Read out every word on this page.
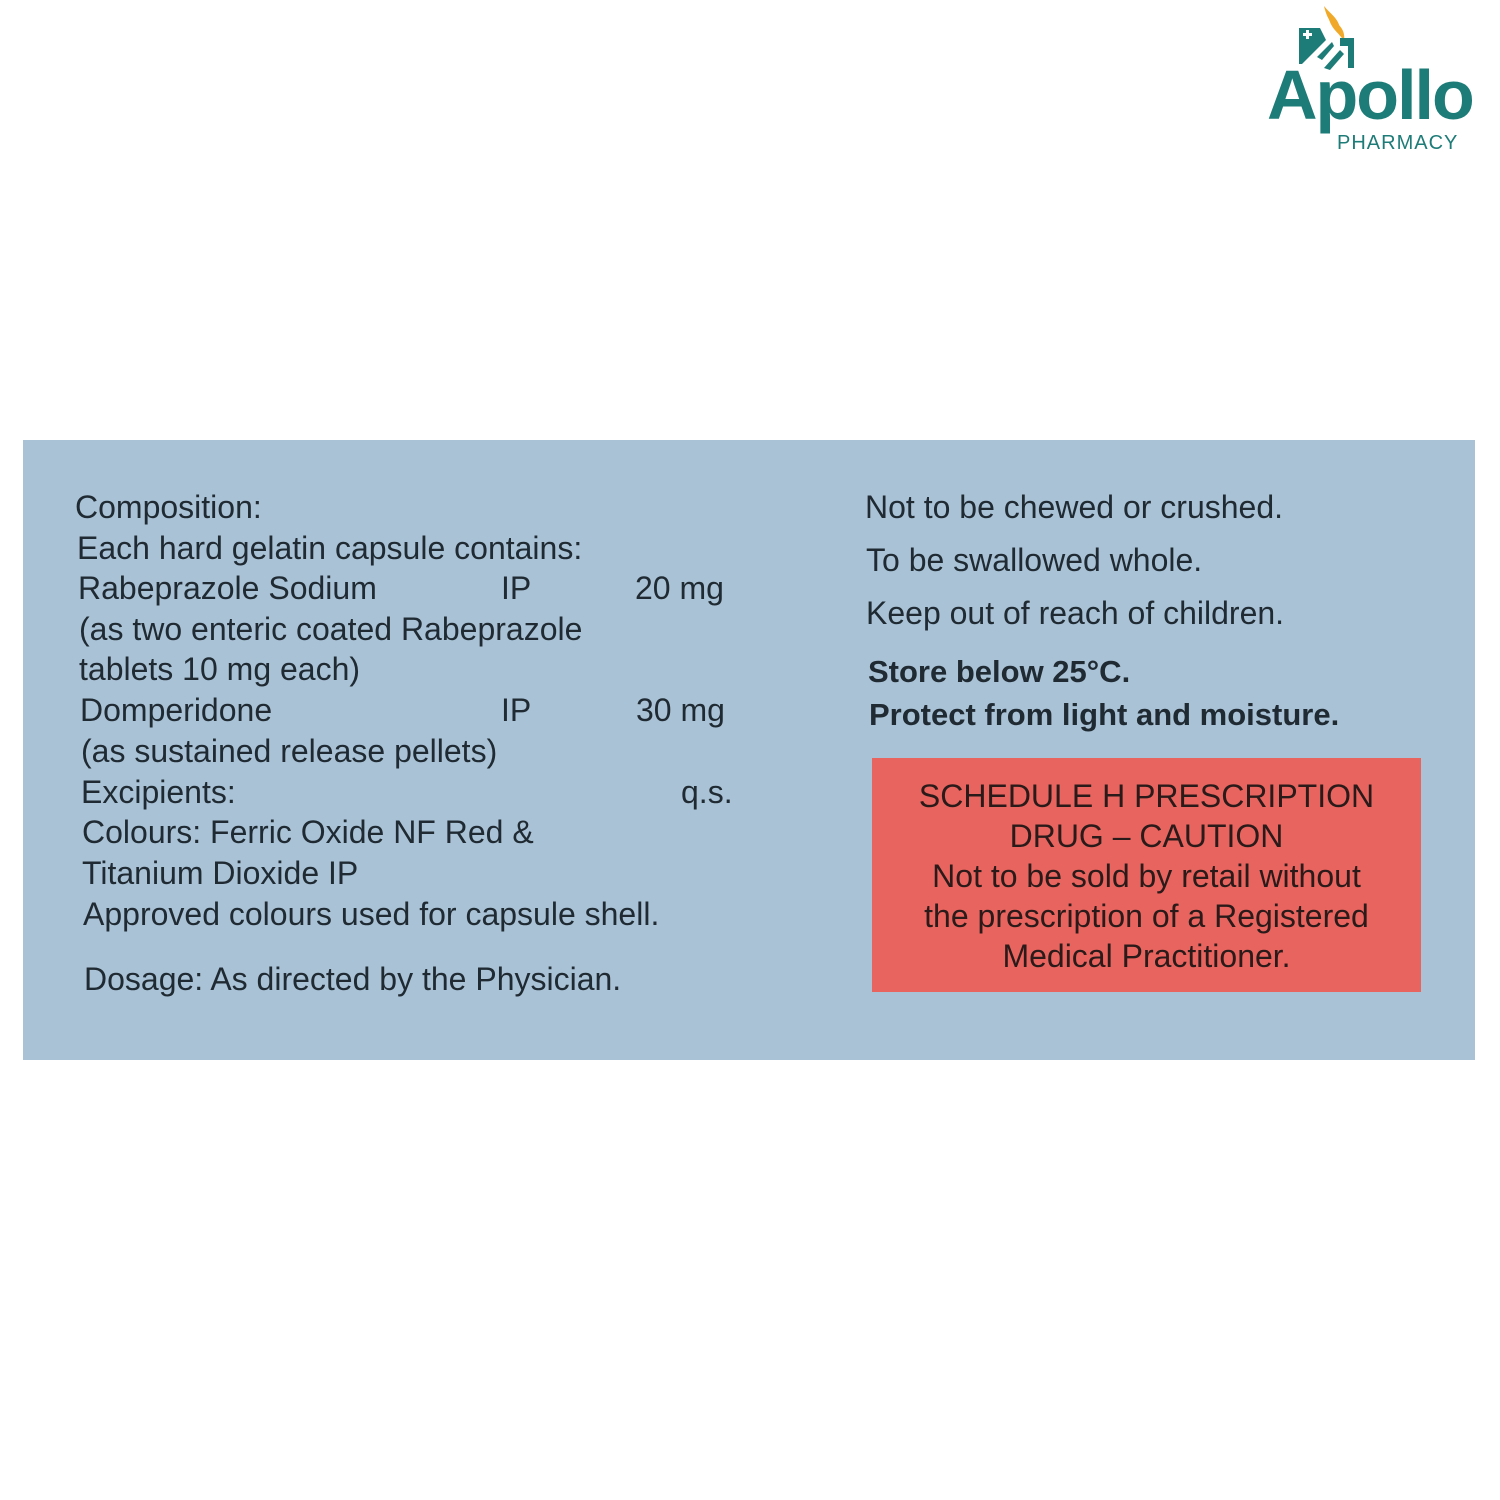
Apollo
PHARMACY
Composition:
Each hard gelatin capsule contains:
Rabeprazole Sodium	IP	20 mg
(as two enteric coated Rabeprazole
tablets 10 mg each)
Domperidone	IP	30 mg
(as sustained release pellets)
Excipients:	q.s.
Colours: Ferric Oxide NF Red &
Titanium Dioxide IP
Approved colours used for capsule shell.
Dosage: As directed by the Physician.
Not to be chewed or crushed.
To be swallowed whole.
Keep out of reach of children.
Store below 25°C.
Protect from light and moisture.
SCHEDULE H PRESCRIPTION
DRUG – CAUTION
Not to be sold by retail without
the prescription of a Registered
Medical Practitioner.
